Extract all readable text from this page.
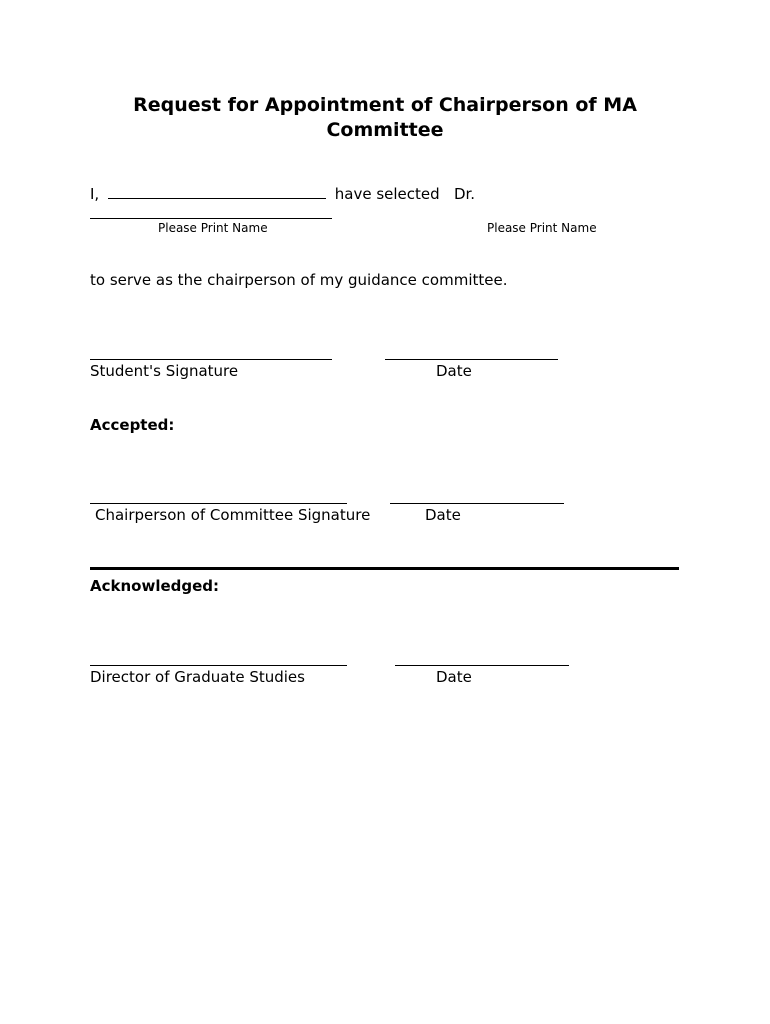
Request for Appointment of Chairperson of MA
Committee
I,	have selected Dr.
Please Print Name	Please Print Name
to serve as the chairperson of my guidance committee.
Student's Signature	Date
Accepted:
Chairperson of Committee Signature	Date
Acknowledged:
Director of Graduate Studies	Date
